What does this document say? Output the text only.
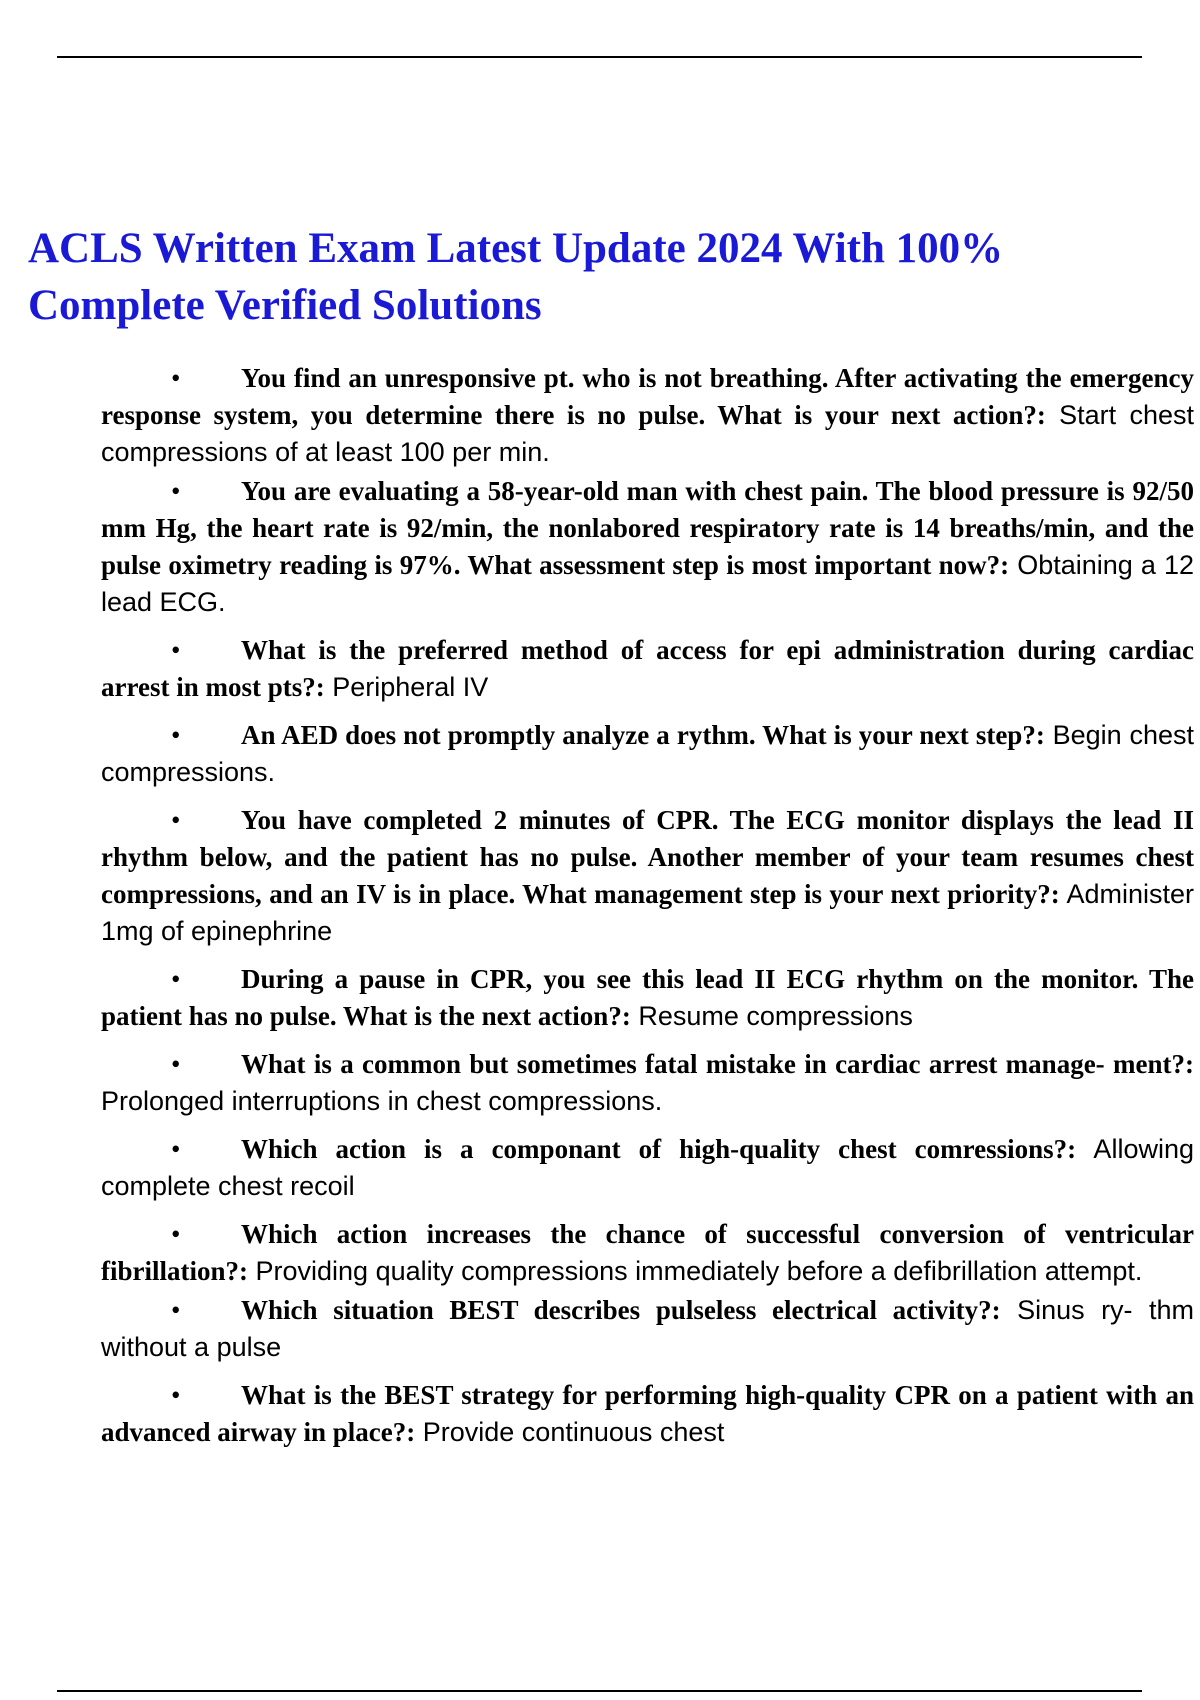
ACLS Written Exam Latest Update 2024 With 100% Complete Verified Solutions
• You find an unresponsive pt. who is not breathing. After activating the emergency response system, you determine there is no pulse. What is your next action?: Start chest compressions of at least 100 per min.
• You are evaluating a 58-year-old man with chest pain. The blood pressure is 92/50 mm Hg, the heart rate is 92/min, the nonlabored respiratory rate is 14 breaths/min, and the pulse oximetry reading is 97%. What assessment step is most important now?: Obtaining a 12 lead ECG.
• What is the preferred method of access for epi administration during cardiac arrest in most pts?: Peripheral IV
• An AED does not promptly analyze a rythm. What is your next step?: Begin chest compressions.
• You have completed 2 minutes of CPR. The ECG monitor displays the lead II rhythm below, and the patient has no pulse. Another member of your team resumes chest compressions, and an IV is in place. What management step is your next priority?: Administer 1mg of epinephrine
• During a pause in CPR, you see this lead II ECG rhythm on the monitor. The patient has no pulse. What is the next action?: Resume compressions
• What is a common but sometimes fatal mistake in cardiac arrest manage- ment?: Prolonged interruptions in chest compressions.
• Which action is a componant of high-quality chest comressions?: Allowing complete chest recoil
• Which action increases the chance of successful conversion of ventricular fibrillation?: Providing quality compressions immediately before a defibrillation attempt.
• Which situation BEST describes pulseless electrical activity?: Sinus ry- thm without a pulse
• What is the BEST strategy for performing high-quality CPR on a patient with an advanced airway in place?: Provide continuous chest
